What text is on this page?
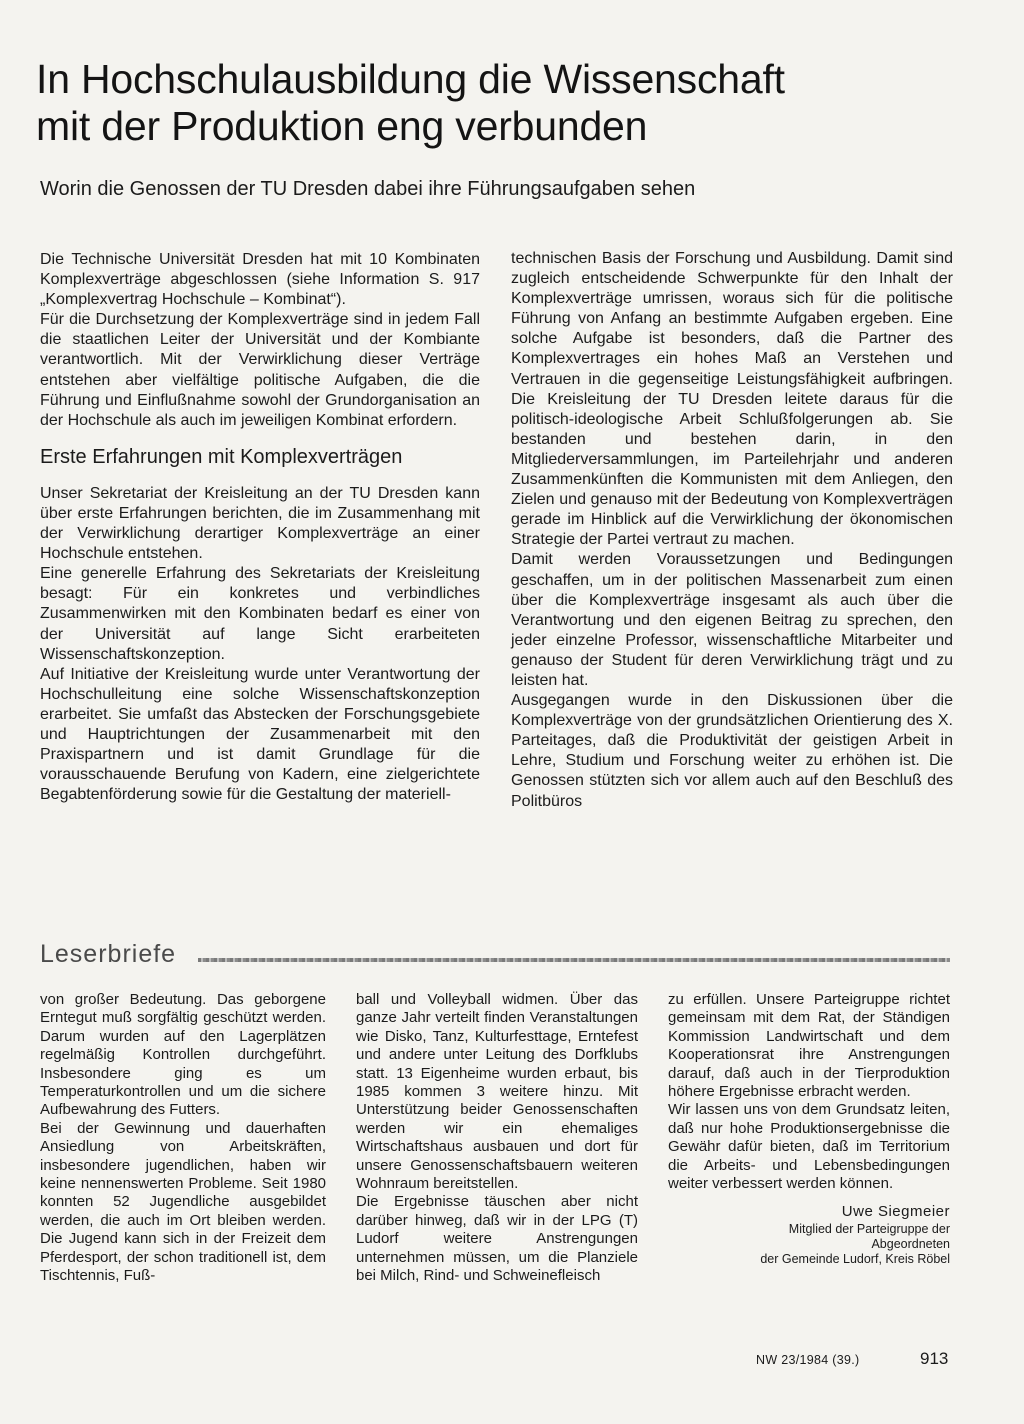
In Hochschulausbildung die Wissenschaft
mit der Produktion eng verbunden
Worin die Genossen der TU Dresden dabei ihre Führungsaufgaben sehen

Die Technische Universität Dresden hat mit 10 Kombinaten Komplexverträge abgeschlossen (siehe Information S. 917 „Komplexvertrag Hochschule – Kombinat“).

Für die Durchsetzung der Komplexverträge sind in jedem Fall die staatlichen Leiter der Universität und der Kombiante verantwortlich. Mit der Verwirklichung dieser Verträge entstehen aber vielfältige politische Aufgaben, die die Führung und Einflußnahme sowohl der Grundorganisation an der Hochschule als auch im jeweiligen Kombinat erfordern.

Erste Erfahrungen mit Komplexverträgen

Unser Sekretariat der Kreisleitung an der TU Dresden kann über erste Erfahrungen berichten, die im Zusammenhang mit der Verwirklichung derartiger Komplexverträge an einer Hochschule entstehen.

Eine generelle Erfahrung des Sekretariats der Kreisleitung besagt: Für ein konkretes und verbindliches Zusammenwirken mit den Kombinaten bedarf es einer von der Universität auf lange Sicht erarbeiteten Wissenschaftskonzeption.

Auf Initiative der Kreisleitung wurde unter Verantwortung der Hochschulleitung eine solche Wissenschaftskonzeption erarbeitet. Sie umfaßt das Abstecken der Forschungsgebiete und Hauptrichtungen der Zusammenarbeit mit den Praxispartnern und ist damit Grundlage für die vorausschauende Berufung von Kadern, eine zielgerichtete Begabtenförderung sowie für die Gestaltung der materiell-

technischen Basis der Forschung und Ausbildung. Damit sind zugleich entscheidende Schwerpunkte für den Inhalt der Komplexverträge umrissen, woraus sich für die politische Führung von Anfang an bestimmte Aufgaben ergeben. Eine solche Aufgabe ist besonders, daß die Partner des Komplexvertrages ein hohes Maß an Verstehen und Vertrauen in die gegenseitige Leistungsfähigkeit aufbringen. Die Kreisleitung der TU Dresden leitete daraus für die politisch-ideologische Arbeit Schlußfolgerungen ab. Sie bestanden und bestehen darin, in den Mitgliederversammlungen, im Parteilehrjahr und anderen Zusammenkünften die Kommunisten mit dem Anliegen, den Zielen und genauso mit der Bedeutung von Komplexverträgen gerade im Hinblick auf die Verwirklichung der ökonomischen Strategie der Partei vertraut zu machen.

Damit werden Voraussetzungen und Bedingungen geschaffen, um in der politischen Massenarbeit zum einen über die Komplexverträge insgesamt als auch über die Verantwortung und den eigenen Beitrag zu sprechen, den jeder einzelne Professor, wissenschaftliche Mitarbeiter und genauso der Student für deren Verwirklichung trägt und zu leisten hat.

Ausgegangen wurde in den Diskussionen über die Komplexverträge von der grundsätzlichen Orientierung des X. Parteitages, daß die Produktivität der geistigen Arbeit in Lehre, Studium und Forschung weiter zu erhöhen ist. Die Genossen stützten sich vor allem auch auf den Beschluß des Politbüros

Leserbriefe

von großer Bedeutung. Das geborgene Erntegut muß sorgfältig geschützt werden. Darum wurden auf den Lagerplätzen regelmäßig Kontrollen durchgeführt. Insbesondere ging es um Temperaturkontrollen und um die sichere Aufbewahrung des Futters.

Bei der Gewinnung und dauerhaften Ansiedlung von Arbeitskräften, insbesondere jugendlichen, haben wir keine nennenswerten Probleme. Seit 1980 konnten 52 Jugendliche ausgebildet werden, die auch im Ort bleiben werden. Die Jugend kann sich in der Freizeit dem Pferdesport, der schon traditionell ist, dem Tischtennis, Fuß-

ball und Volleyball widmen. Über das ganze Jahr verteilt finden Veranstaltungen wie Disko, Tanz, Kulturfesttage, Erntefest und andere unter Leitung des Dorfklubs statt. 13 Eigenheime wurden erbaut, bis 1985 kommen 3 weitere hinzu. Mit Unterstützung beider Genossenschaften werden wir ein ehemaliges Wirtschaftshaus ausbauen und dort für unsere Genossenschaftsbauern weiteren Wohnraum bereitstellen.

Die Ergebnisse täuschen aber nicht darüber hinweg, daß wir in der LPG (T) Ludorf weitere Anstrengungen unternehmen müssen, um die Planziele bei Milch, Rind- und Schweinefleisch

zu erfüllen. Unsere Parteigruppe richtet gemeinsam mit dem Rat, der Ständigen Kommission Landwirtschaft und dem Kooperationsrat ihre Anstrengungen darauf, daß auch in der Tierproduktion höhere Ergebnisse erbracht werden.

Wir lassen uns von dem Grundsatz leiten, daß nur hohe Produktionsergebnisse die Gewähr dafür bieten, daß im Territorium die Arbeits- und Lebensbedingungen weiter verbessert werden können.

Uwe Siegmeier
Mitglied der Parteigruppe der
Abgeordneten
der Gemeinde Ludorf, Kreis Röbel
NW 23/1984 (39.)	913
